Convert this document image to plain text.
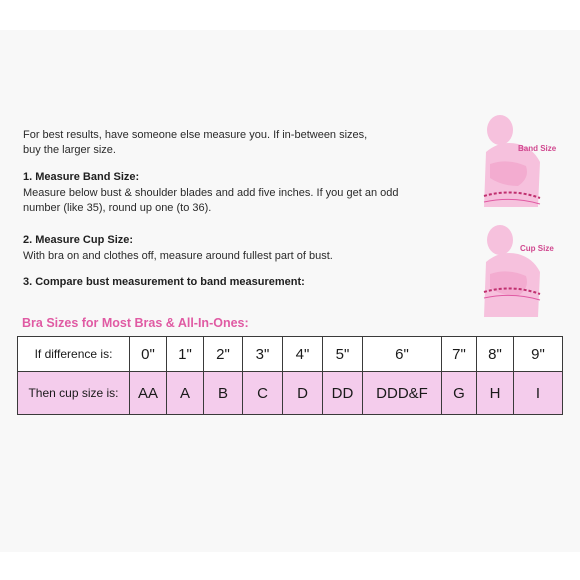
For best results, have someone else measure you. If in-between sizes,
buy the larger size.
1. Measure Band Size:
Measure below bust & shoulder blades and add five inches. If you get an odd
number (like 35), round up one (to 36).
2. Measure Cup Size:
With bra on and clothes off, measure around fullest part of bust.
3. Compare bust measurement to band measurement:
Band Size
Cup Size
Bra Sizes for Most Bras & All-In-Ones:
If difference is:	0"	1"	2"	3"	4"	5"	6"	7"	8"	9"
Then cup size is:	AA	A	B	C	D	DD	DDD&F	G	H	I
